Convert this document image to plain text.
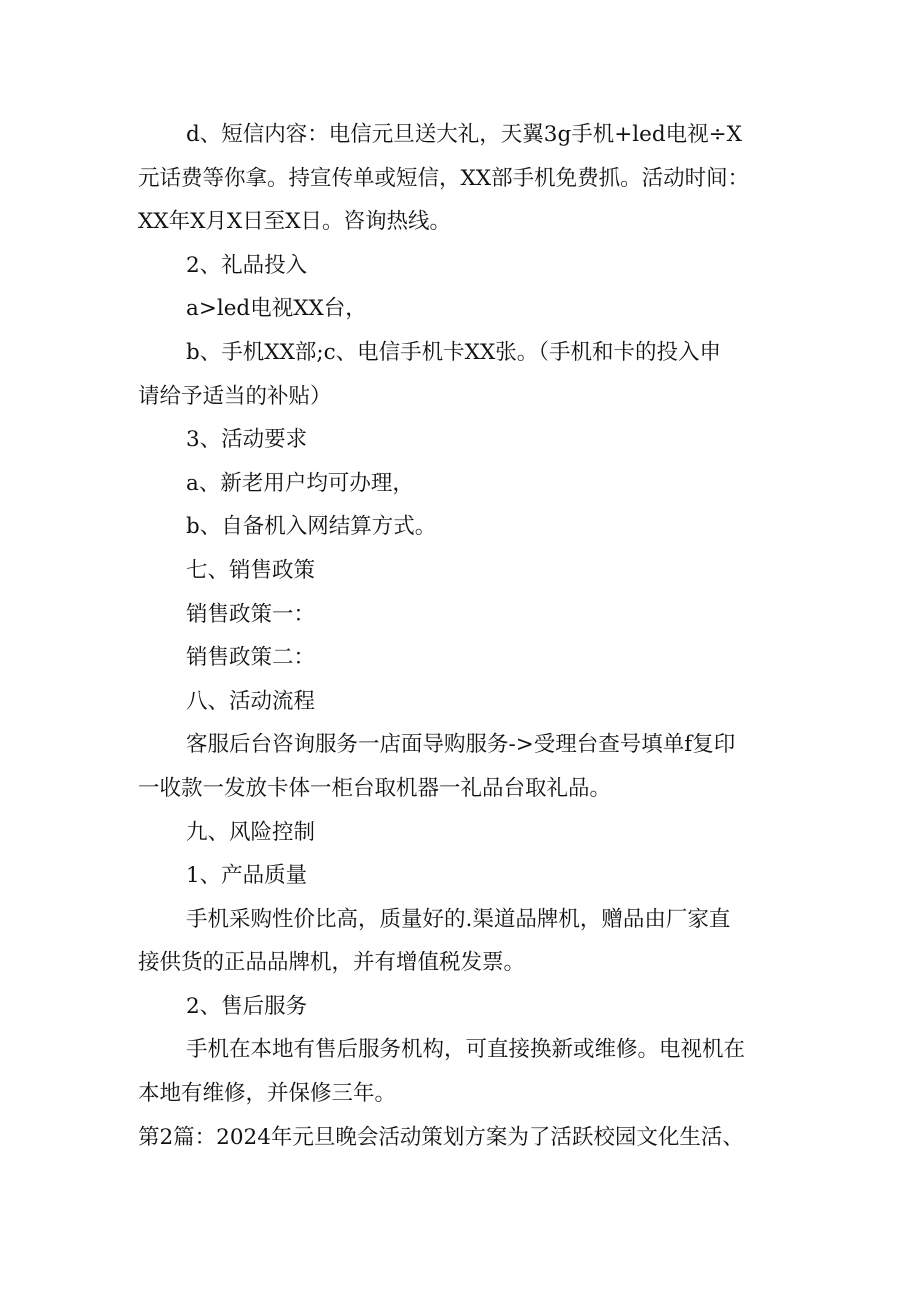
d、短信内容：电信元旦送大礼，天翼3g手机+led电视÷X

元话费等你拿。持宣传单或短信，XX部手机免费抓。活动时间：

XX年X月X日至X日。咨询热线。

2、礼品投入

a>led电视XX台，

b、手机XX部;c、电信手机卡XX张。（手机和卡的投入申

请给予适当的补贴）

3、活动要求

a、新老用户均可办理，

b、自备机入网结算方式。

七、销售政策

销售政策一：

销售政策二：

八、活动流程

客服后台咨询服务一店面导购服务->受理台查号填单f复印

一收款一发放卡体一柜台取机器一礼品台取礼品。

九、风险控制

1、产品质量

手机采购性价比高，质量好的.渠道品牌机，赠品由厂家直

接供货的正品品牌机，并有增值税发票。

2、售后服务

手机在本地有售后服务机构，可直接换新或维修。电视机在

本地有维修，并保修三年。

第2篇：2024年元旦晚会活动策划方案为了活跃校园文化生活、
